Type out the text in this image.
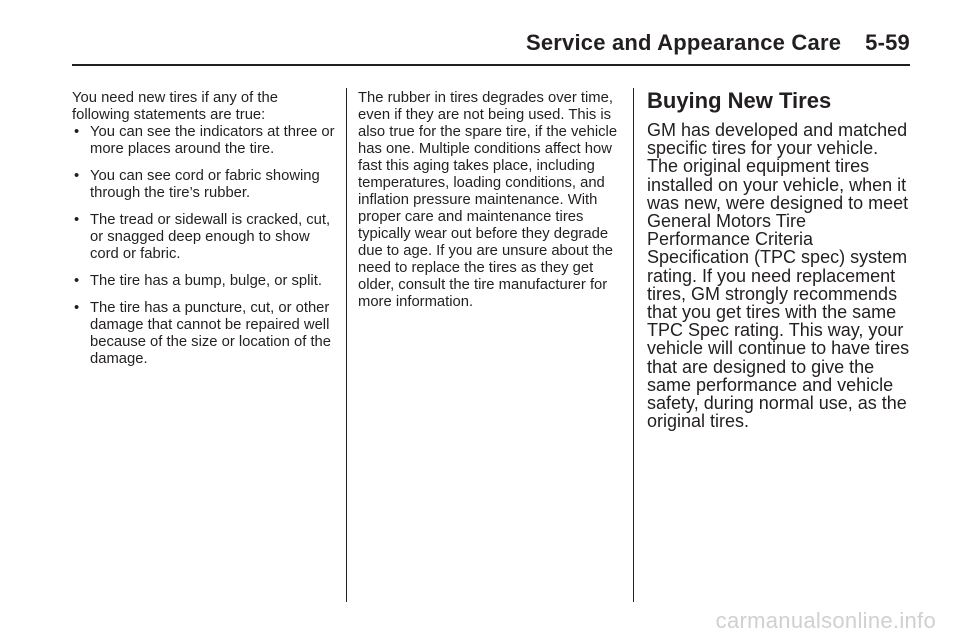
Service and Appearance Care 5-59

You need new tires if any of the following statements are true:

• You can see the indicators at three or more places around the tire.
• You can see cord or fabric showing through the tire’s rubber.
• The tread or sidewall is cracked, cut, or snagged deep enough to show cord or fabric.
• The tire has a bump, bulge, or split.
• The tire has a puncture, cut, or other damage that cannot be repaired well because of the size or location of the damage.

The rubber in tires degrades over time, even if they are not being used. This is also true for the spare tire, if the vehicle has one. Multiple conditions affect how fast this aging takes place, including temperatures, loading conditions, and inflation pressure maintenance. With proper care and maintenance tires typically wear out before they degrade due to age. If you are unsure about the need to replace the tires as they get older, consult the tire manufacturer for more information.

Buying New Tires

GM has developed and matched specific tires for your vehicle. The original equipment tires installed on your vehicle, when it was new, were designed to meet General Motors Tire Performance Criteria Specification (TPC spec) system rating. If you need replacement tires, GM strongly recommends that you get tires with the same TPC Spec rating. This way, your vehicle will continue to have tires that are designed to give the same performance and vehicle safety, during normal use, as the original tires.

carmanualsonline.info
